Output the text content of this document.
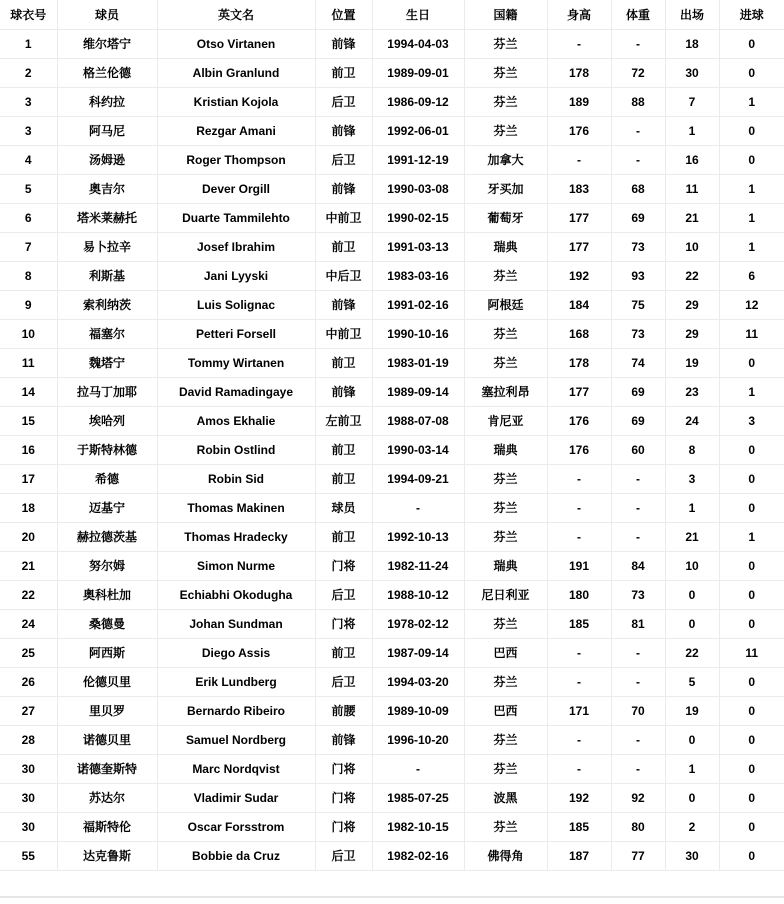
球衣号	球员	英文名	位置	生日	国籍	身高	体重	出场	进球
1	维尔塔宁	Otso Virtanen	前锋	1994-04-03	芬兰	-	-	18	0
2	格兰伦德	Albin Granlund	前卫	1989-09-01	芬兰	178	72	30	0
3	科约拉	Kristian Kojola	后卫	1986-09-12	芬兰	189	88	7	1
3	阿马尼	Rezgar Amani	前锋	1992-06-01	芬兰	176	-	1	0
4	汤姆逊	Roger Thompson	后卫	1991-12-19	加拿大	-	-	16	0
5	奥吉尔	Dever Orgill	前锋	1990-03-08	牙买加	183	68	11	1
6	塔米莱赫托	Duarte Tammilehto	中前卫	1990-02-15	葡萄牙	177	69	21	1
7	易卜拉辛	Josef Ibrahim	前卫	1991-03-13	瑞典	177	73	10	1
8	利斯基	Jani Lyyski	中后卫	1983-03-16	芬兰	192	93	22	6
9	索利纳茨	Luis Solignac	前锋	1991-02-16	阿根廷	184	75	29	12
10	福塞尔	Petteri Forsell	中前卫	1990-10-16	芬兰	168	73	29	11
11	魏塔宁	Tommy Wirtanen	前卫	1983-01-19	芬兰	178	74	19	0
14	拉马丁加耶	David Ramadingaye	前锋	1989-09-14	塞拉利昂	177	69	23	1
15	埃哈列	Amos Ekhalie	左前卫	1988-07-08	肯尼亚	176	69	24	3
16	于斯特林德	Robin Ostlind	前卫	1990-03-14	瑞典	176	60	8	0
17	希德	Robin Sid	前卫	1994-09-21	芬兰	-	-	3	0
18	迈基宁	Thomas Makinen	球员	-	芬兰	-	-	1	0
20	赫拉德茨基	Thomas Hradecky	前卫	1992-10-13	芬兰	-	-	21	1
21	努尔姆	Simon Nurme	门将	1982-11-24	瑞典	191	84	10	0
22	奥科杜加	Echiabhi Okodugha	后卫	1988-10-12	尼日利亚	180	73	0	0
24	桑德曼	Johan Sundman	门将	1978-02-12	芬兰	185	81	0	0
25	阿西斯	Diego Assis	前卫	1987-09-14	巴西	-	-	22	11
26	伦德贝里	Erik Lundberg	后卫	1994-03-20	芬兰	-	-	5	0
27	里贝罗	Bernardo Ribeiro	前腰	1989-10-09	巴西	171	70	19	0
28	诺德贝里	Samuel Nordberg	前锋	1996-10-20	芬兰	-	-	0	0
30	诺德奎斯特	Marc Nordqvist	门将	-	芬兰	-	-	1	0
30	苏达尔	Vladimir Sudar	门将	1985-07-25	波黑	192	92	0	0
30	福斯特伦	Oscar Forsstrom	门将	1982-10-15	芬兰	185	80	2	0
55	达克鲁斯	Bobbie da Cruz	后卫	1982-02-16	佛得角	187	77	30	0
